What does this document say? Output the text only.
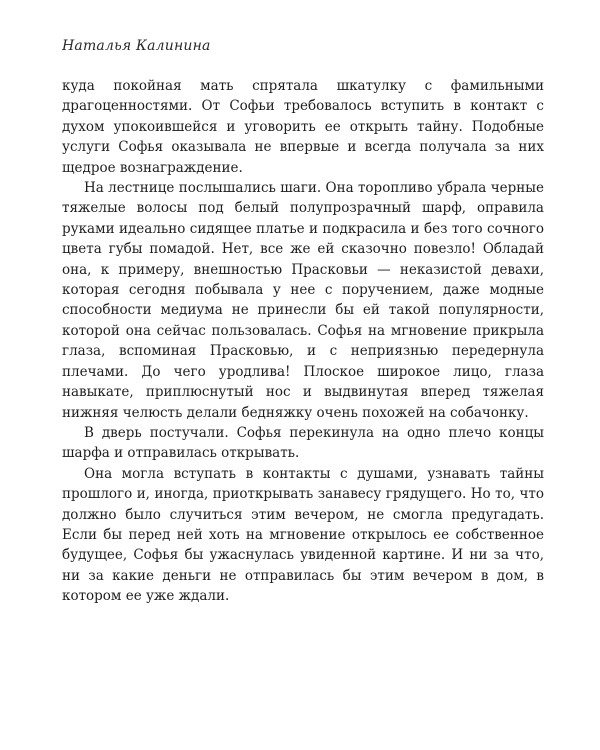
Наталья Калинина

куда покойная мать спрятала шкатулку с фамильными драгоценностями. От Софьи требовалось вступить в контакт с духом упокоившейся и уговорить ее открыть тайну. Подобные услуги Софья оказывала не впервые и всегда получала за них щедрое вознаграждение.

На лестнице послышались шаги. Она торопливо убрала черные тяжелые волосы под белый полупрозрачный шарф, оправила руками идеально сидящее платье и подкрасила и без того сочного цвета губы помадой. Нет, все же ей сказочно повезло! Обладай она, к примеру, внешностью Прасковьи — неказистой девахи, которая сегодня побывала у нее с поручением, даже модные способности медиума не принесли бы ей такой популярности, которой она сейчас пользовалась. Софья на мгновение прикрыла глаза, вспоминая Прасковью, и с неприязнью передернула плечами. До чего уродлива! Плоское широкое лицо, глаза навыкате, приплюснутый нос и выдвинутая вперед тяжелая нижняя челюсть делали бедняжку очень похожей на собачонку.

В дверь постучали. Софья перекинула на одно плечо концы шарфа и отправилась открывать.

Она могла вступать в контакты с душами, узнавать тайны прошлого и, иногда, приоткрывать занавесу грядущего. Но то, что должно было случиться этим вечером, не смогла предугадать. Если бы перед ней хоть на мгновение открылось ее собственное будущее, Софья бы ужаснулась увиденной картине. И ни за что, ни за какие деньги не отправилась бы этим вечером в дом, в котором ее уже ждали.
